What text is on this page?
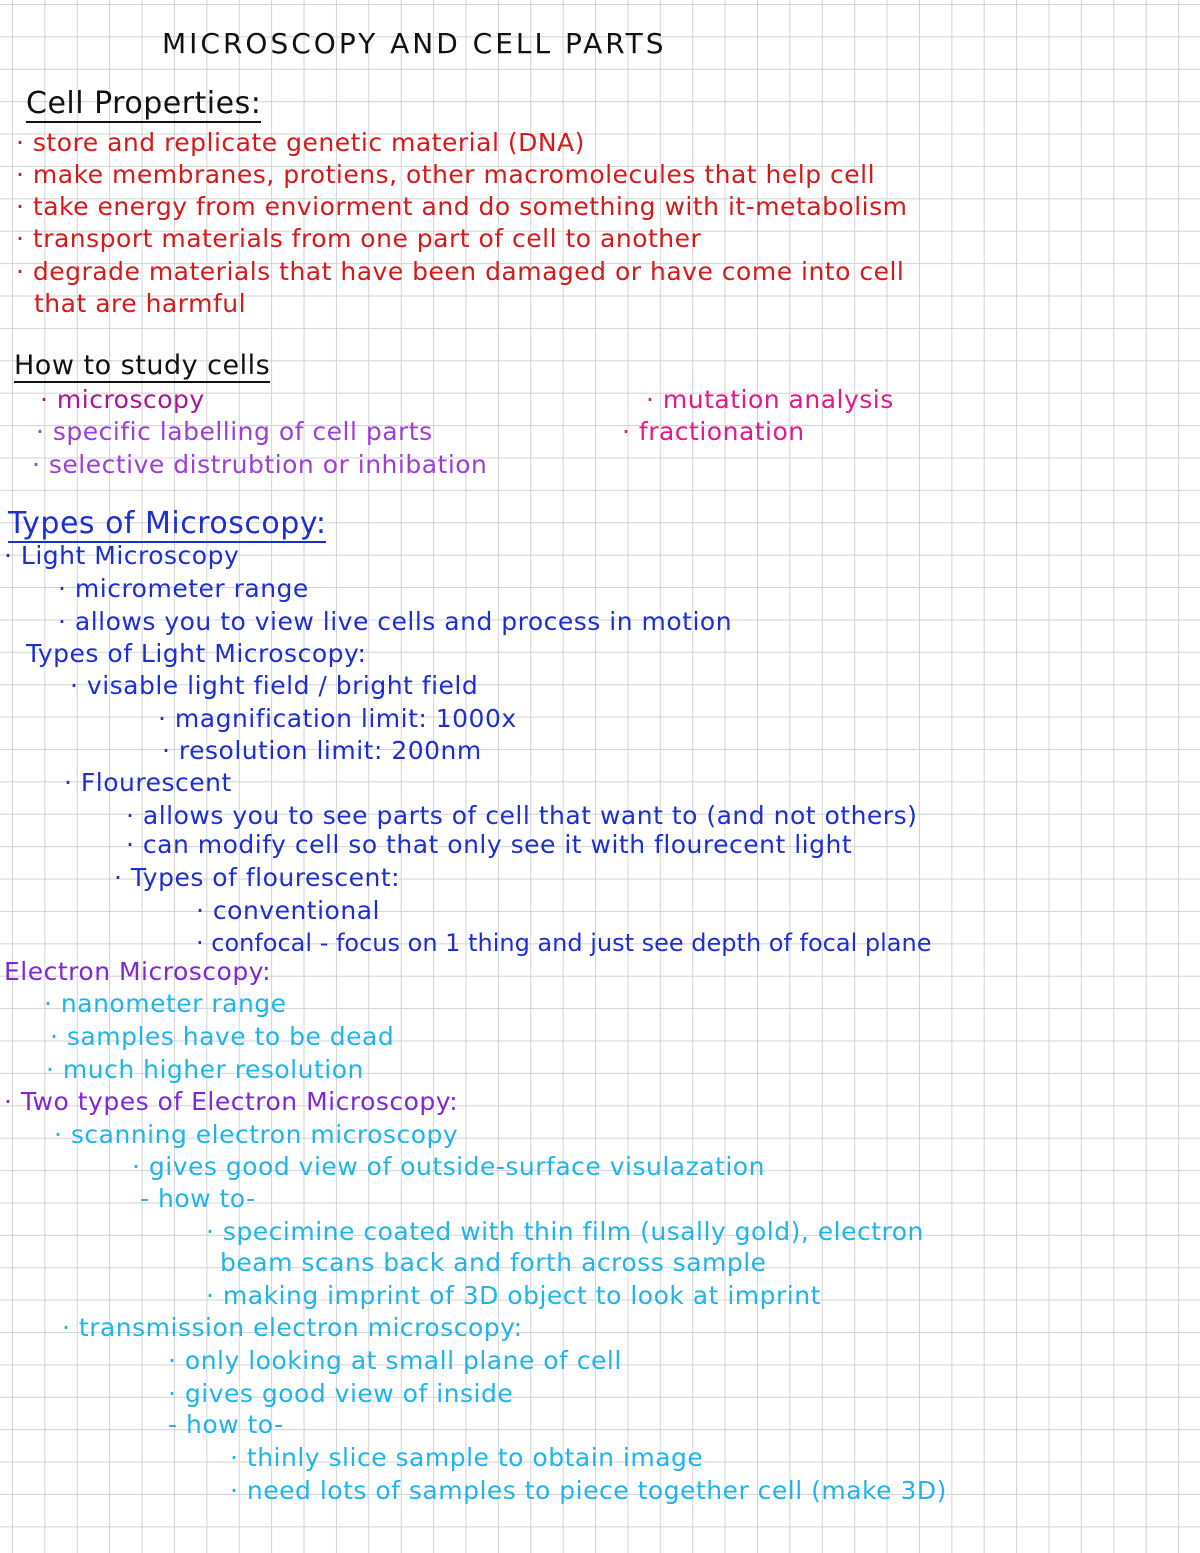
MICROSCOPY AND CELL PARTS
Cell Properties:
· store and replicate genetic material (DNA)
· make membranes, protiens, other macromolecules that help cell
· take energy from enviorment and do something with it-metabolism
· transport materials from one part of cell to another
· degrade materials that have been damaged or have come into cell
that are harmful
How to study cells
· microscopy
· specific labelling of cell parts
· selective distrubtion or inhibation
· mutation analysis
· fractionation
Types of Microscopy:
· Light Microscopy
· micrometer range
· allows you to view live cells and process in motion
Types of Light Microscopy:
· visable light field / bright field
· magnification limit: 1000x
· resolution limit: 200nm
· Flourescent
· allows you to see parts of cell that want to (and not others)
· can modify cell so that only see it with flourecent light
· Types of flourescent:
· conventional
· confocal - focus on 1 thing and just see depth of focal plane
Electron Microscopy:
· nanometer range
· samples have to be dead
· much higher resolution
· Two types of Electron Microscopy:
· scanning electron microscopy
· gives good view of outside-surface visulazation
- how to-
· specimine coated with thin film (usally gold), electron
beam scans back and forth across sample
· making imprint of 3D object to look at imprint
· transmission electron microscopy:
· only looking at small plane of cell
· gives good view of inside
- how to-
· thinly slice sample to obtain image
· need lots of samples to piece together cell (make 3D)
